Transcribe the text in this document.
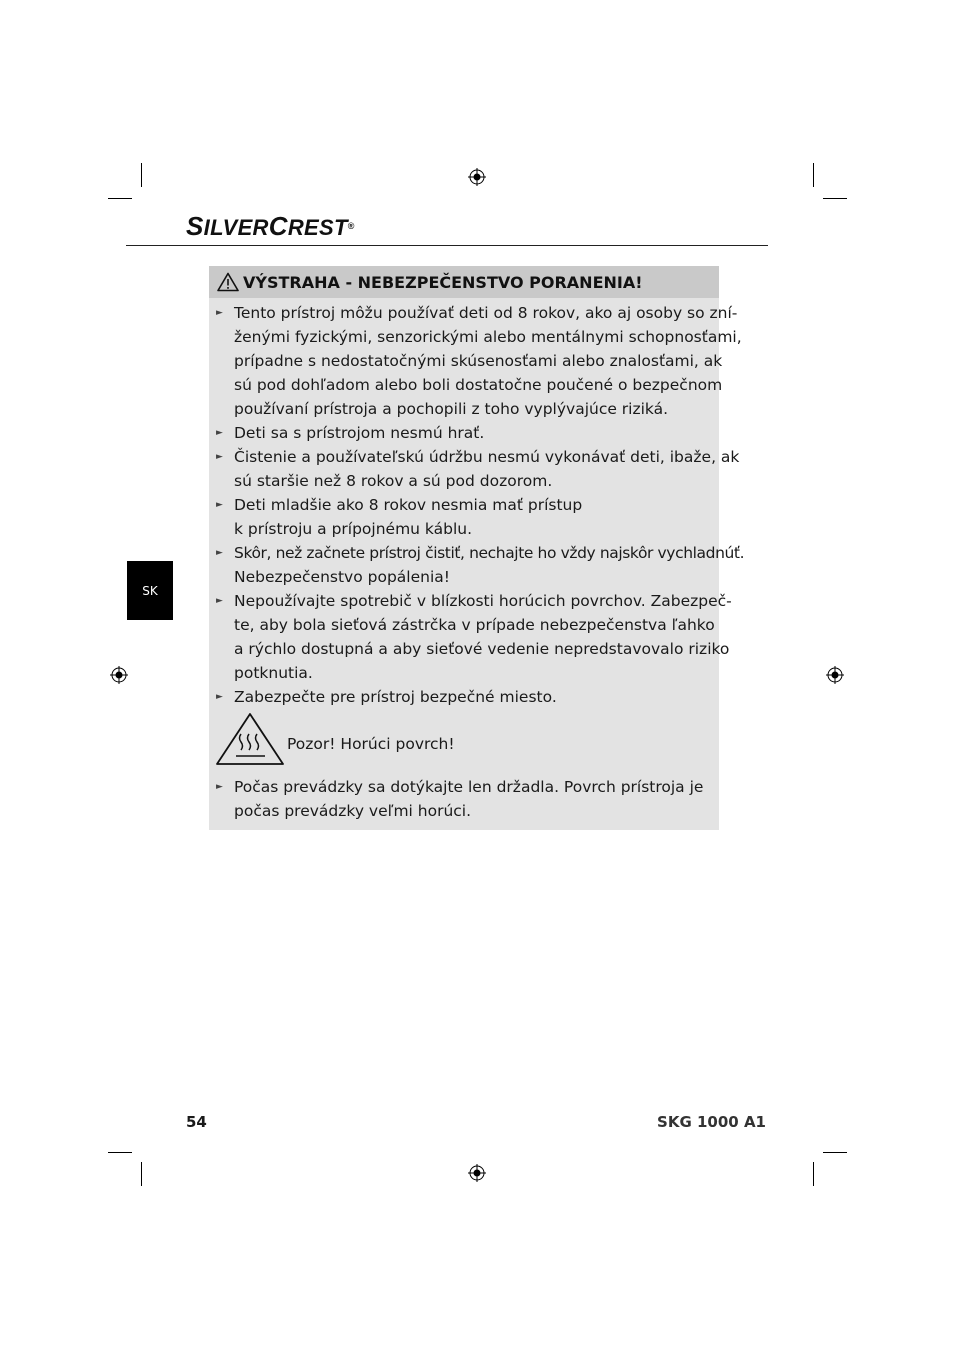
SILVERCREST®
SK
VÝSTRAHA - NEBEZPEČENSTVO PORANENIA!
► Tento prístroj môžu používať deti od 8 rokov, ako aj osoby so zní-
ženými fyzickými, senzorickými alebo mentálnymi schopnosťami,
prípadne s nedostatočnými skúsenosťami alebo znalosťami, ak
sú pod dohľadom alebo boli dostatočne poučené o bezpečnom
používaní prístroja a pochopili z toho vyplývajúce riziká.
► Deti sa s prístrojom nesmú hrať.
► Čistenie a používateľskú údržbu nesmú vykonávať deti, ibaže, ak
sú staršie než 8 rokov a sú pod dozorom.
► Deti mladšie ako 8 rokov nesmia mať prístup
k prístroju a prípojnému káblu.
► Skôr, než začnete prístroj čistiť, nechajte ho vždy najskôr vychladnúť.
Nebezpečenstvo popálenia!
► Nepoužívajte spotrebič v blízkosti horúcich povrchov. Zabezpeč-
te, aby bola sieťová zástrčka v prípade nebezpečenstva ľahko
a rýchlo dostupná a aby sieťové vedenie nepredstavovalo riziko
potknutia.
► Zabezpečte pre prístroj bezpečné miesto.
Pozor! Horúci povrch!
► Počas prevádzky sa dotýkajte len držadla. Povrch prístroja je
počas prevádzky veľmi horúci.
54	SKG 1000 A1
